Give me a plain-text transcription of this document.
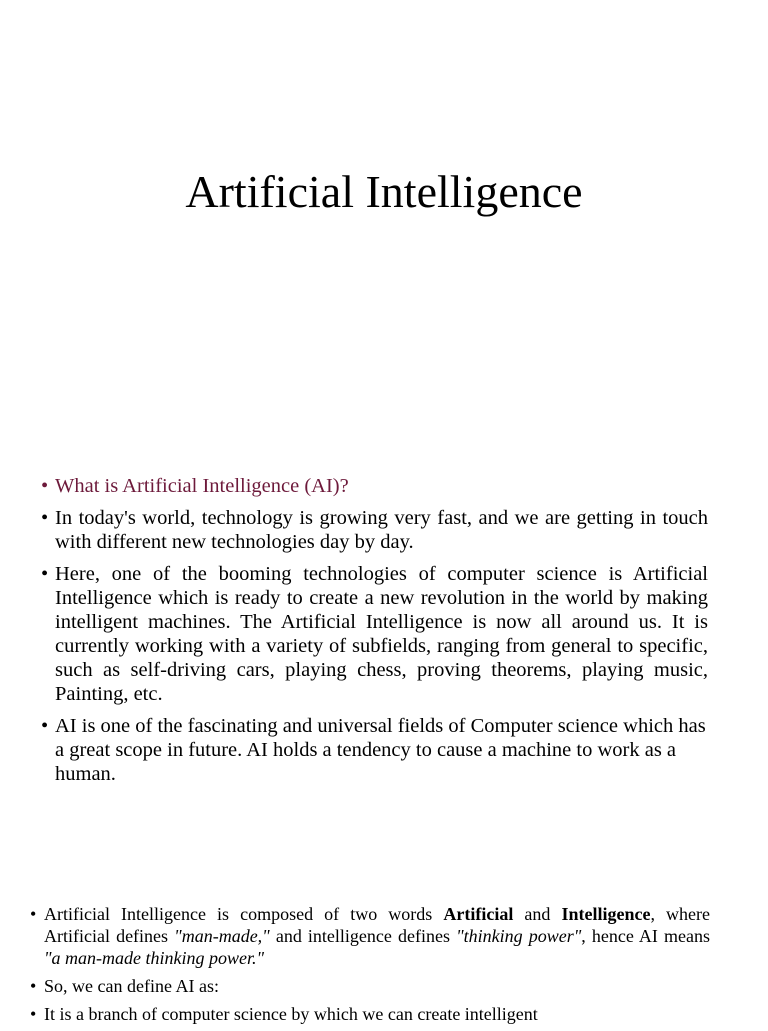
Artificial Intelligence
• What is Artificial Intelligence (AI)?
• In today's world, technology is growing very fast, and we are getting in touch with different new technologies day by day.
• Here, one of the booming technologies of computer science is Artificial Intelligence which is ready to create a new revolution in the world by making intelligent machines. The Artificial Intelligence is now all around us. It is currently working with a variety of subfields, ranging from general to specific, such as self-driving cars, playing chess, proving theorems, playing music, Painting, etc.
• AI is one of the fascinating and universal fields of Computer science which has a great scope in future. AI holds a tendency to cause a machine to work as a human.
• Artificial Intelligence is composed of two words Artificial and Intelligence, where Artificial defines "man-made," and intelligence defines "thinking power", hence AI means "a man-made thinking power."
• So, we can define AI as:
• It is a branch of computer science by which we can create intelligent
